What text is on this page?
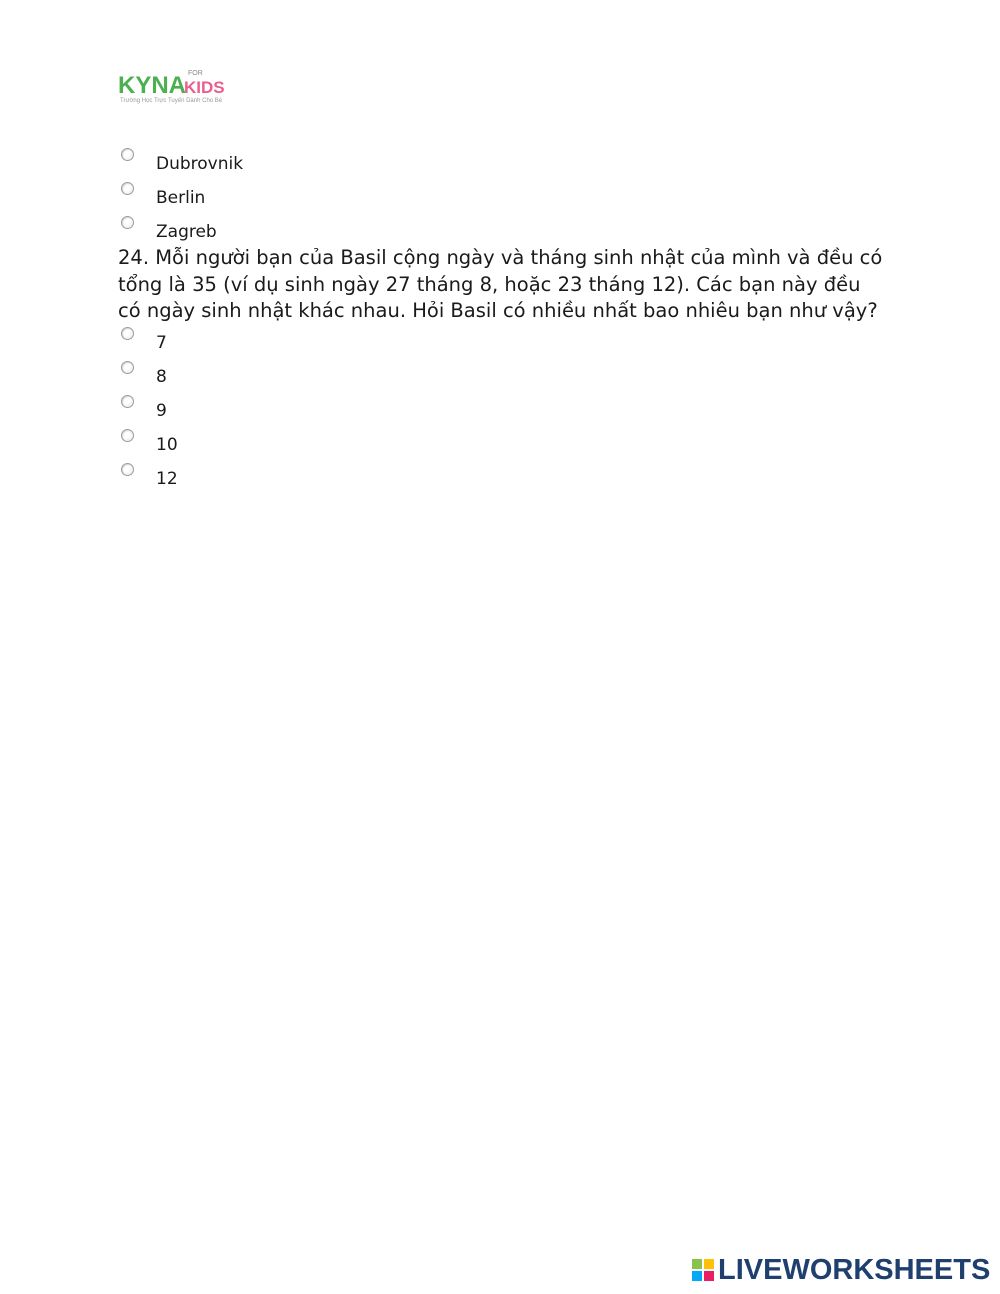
KYNA FOR
KIDS
Trường Học Trực Tuyến Dành Cho Bé
Dubrovnik
Berlin
Zagreb

24. Mỗi người bạn của Basil cộng ngày và tháng sinh nhật của mình và đều có tổng là 35 (ví dụ sinh ngày 27 tháng 8, hoặc 23 tháng 12). Các bạn này đều có ngày sinh nhật khác nhau. Hỏi Basil có nhiều nhất bao nhiêu bạn như vậy?

7
8
9
10
12
LIVEWORKSHEETS
